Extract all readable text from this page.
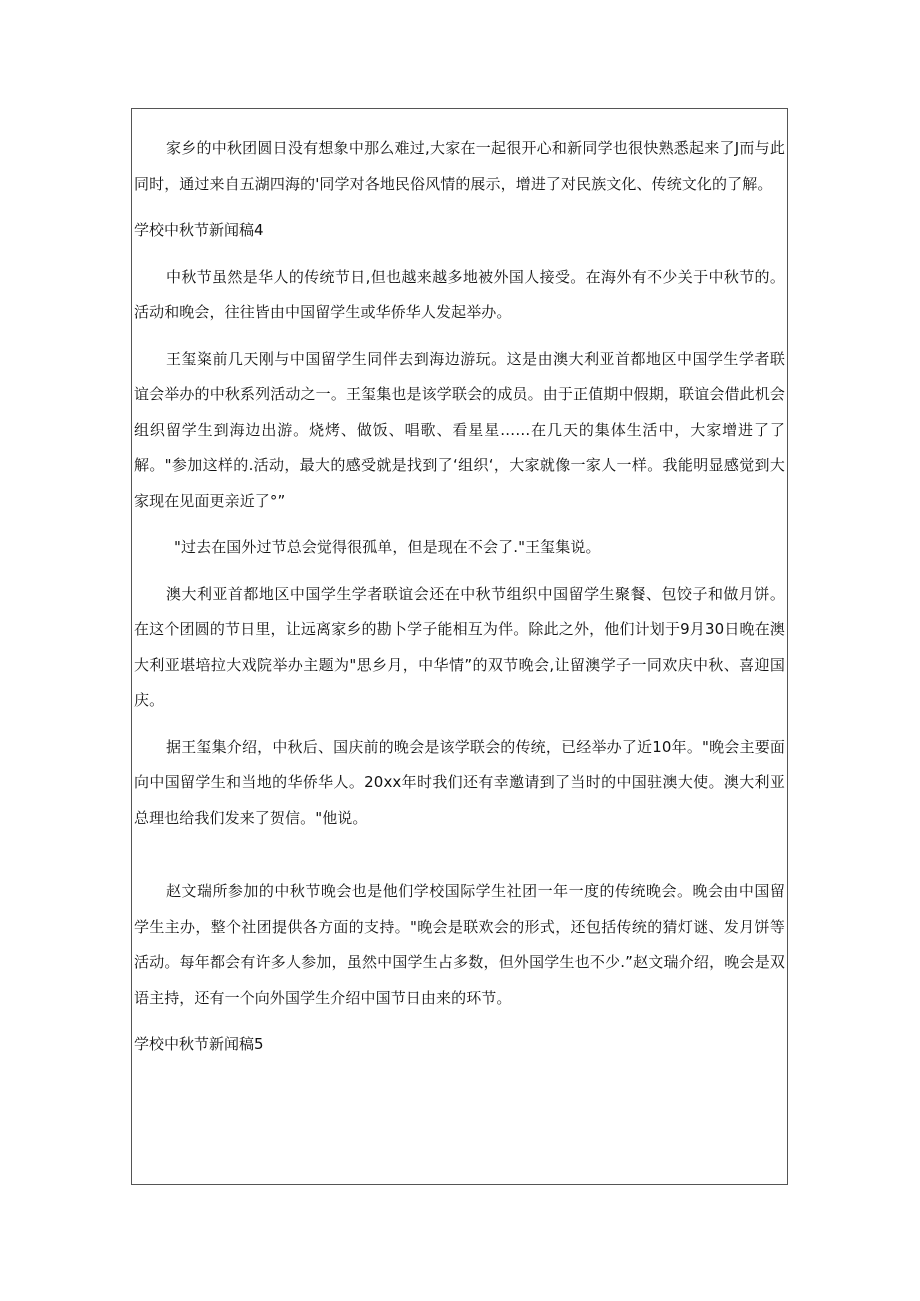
家乡的中秋团圆日没有想象中那么难过,大家在一起很开心和新同学也很快熟悉起来了J而与此同时，通过来自五湖四海的'同学对各地民俗风情的展示，增进了对民族文化、传统文化的了解。

学校中秋节新闻稿4

中秋节虽然是华人的传统节日,但也越来越多地被外国人接受。在海外有不少关于中秋节的。活动和晚会，往往皆由中国留学生或华侨华人发起举办。

王玺粢前几天刚与中国留学生同伴去到海边游玩。这是由澳大利亚首都地区中国学生学者联谊会举办的中秋系列活动之一。王玺集也是该学联会的成员。由于正值期中假期，联谊会借此机会组织留学生到海边出游。烧烤、做饭、唱歌、看星星……在几天的集体生活中，大家增进了了解。"参加这样的.活动，最大的感受就是找到了‘组织‘，大家就像一家人一样。我能明显感觉到大家现在见面更亲近了°”

"过去在国外过节总会觉得很孤单，但是现在不会了."王玺集说。

澳大利亚首都地区中国学生学者联谊会还在中秋节组织中国留学生聚餐、包饺子和做月饼。在这个团圆的节日里，让远离家乡的勘卜学子能相互为伴。除此之外，他们计划于9月30日晚在澳大利亚堪培拉大戏院举办主题为"思乡月，中华情”的双节晚会,让留澳学子一同欢庆中秋、喜迎国庆。

据王玺集介绍，中秋后、国庆前的晚会是该学联会的传统，已经举办了近10年。"晚会主要面向中国留学生和当地的华侨华人。20xx年时我们还有幸邀请到了当时的中国驻澳大使。澳大利亚总理也给我们发来了贺信。"他说。

赵文瑞所参加的中秋节晚会也是他们学校国际学生社团一年一度的传统晚会。晚会由中国留学生主办，整个社团提供各方面的支持。"晚会是联欢会的形式，还包括传统的猜灯谜、发月饼等活动。每年都会有许多人参加，虽然中国学生占多数，但外国学生也不少.”赵文瑞介绍，晚会是双语主持，还有一个向外国学生介绍中国节日由来的环节。

学校中秋节新闻稿5
